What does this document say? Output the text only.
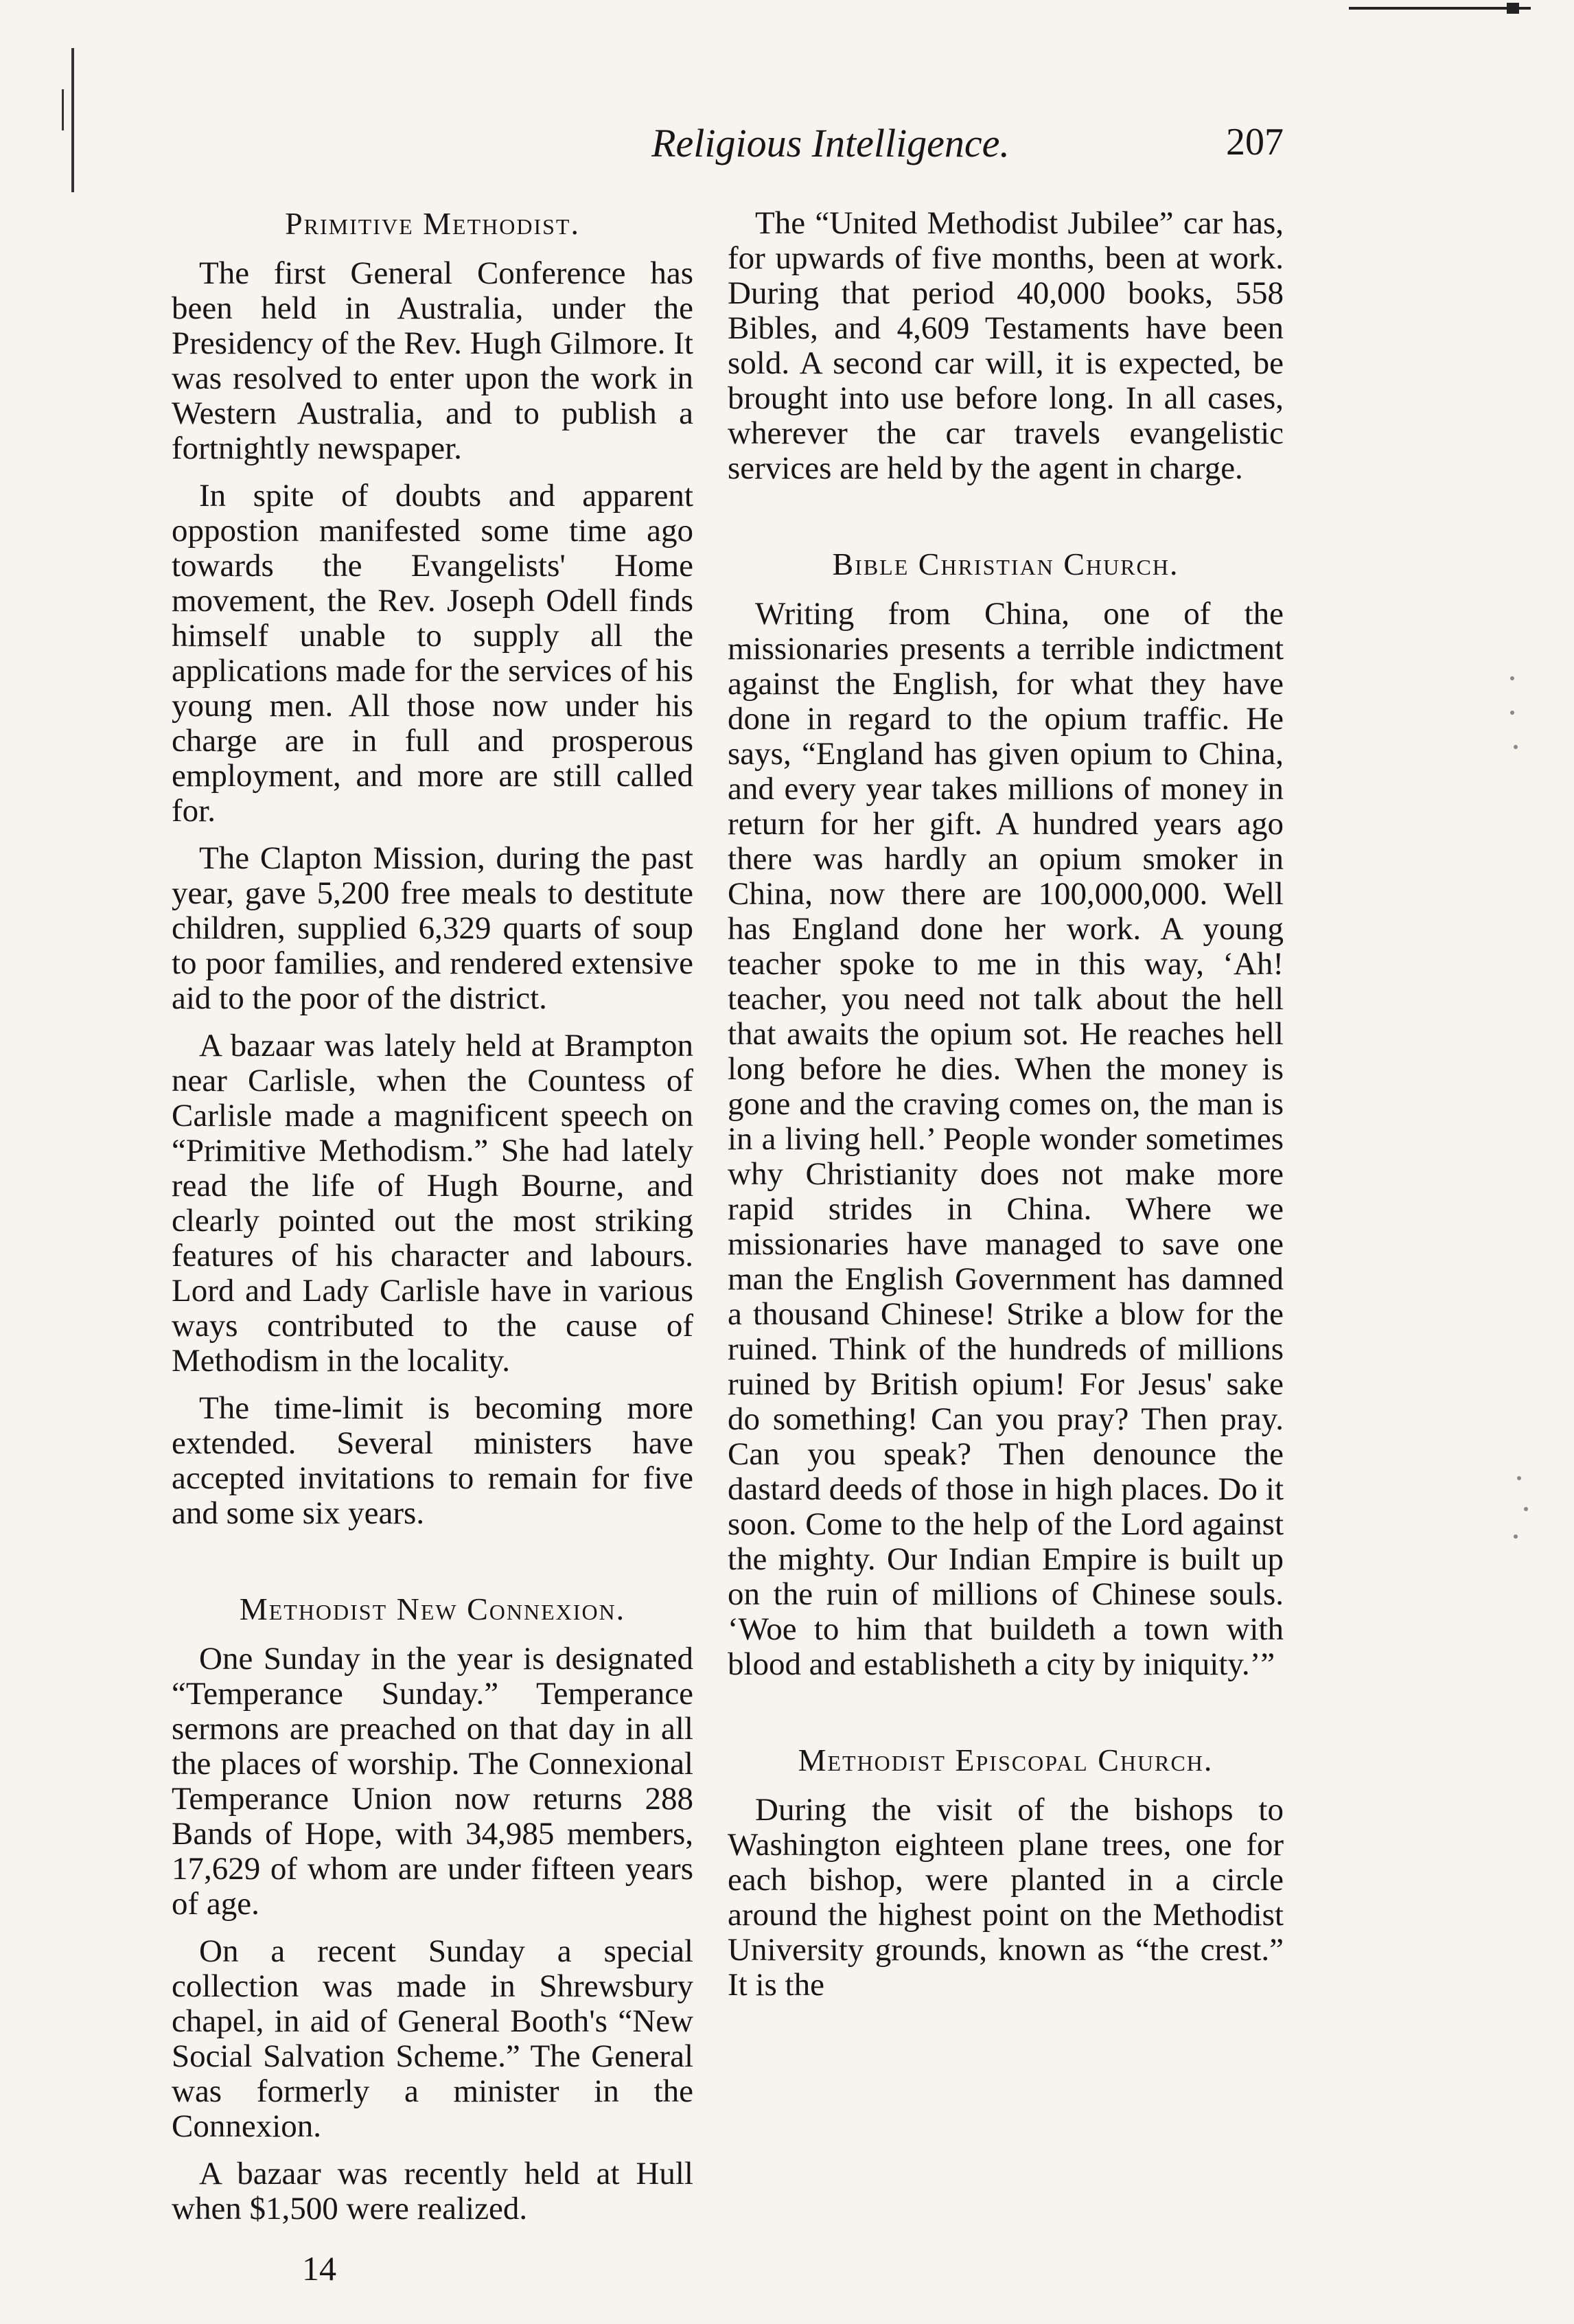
Religious Intelligence.	207
Primitive Methodist.

The first General Conference has been held in Australia, under the Presidency of the Rev. Hugh Gilmore. It was resolved to enter upon the work in Western Australia, and to publish a fortnightly newspaper.

In spite of doubts and apparent oppostion manifested some time ago towards the Evangelists' Home movement, the Rev. Joseph Odell finds himself unable to supply all the applications made for the services of his young men. All those now under his charge are in full and prosperous employment, and more are still called for.

The Clapton Mission, during the past year, gave 5,200 free meals to destitute children, supplied 6,329 quarts of soup to poor families, and rendered extensive aid to the poor of the district.

A bazaar was lately held at Brampton near Carlisle, when the Countess of Carlisle made a magnificent speech on “Primitive Methodism.” She had lately read the life of Hugh Bourne, and clearly pointed out the most striking features of his character and labours. Lord and Lady Carlisle have in various ways contributed to the cause of Methodism in the locality.

The time-limit is becoming more extended. Several ministers have accepted invitations to remain for five and some six years.

Methodist New Connexion.

One Sunday in the year is designated “Temperance Sunday.” Temperance sermons are preached on that day in all the places of worship. The Connexional Temperance Union now returns 288 Bands of Hope, with 34,985 members, 17,629 of whom are under fifteen years of age.

On a recent Sunday a special collection was made in Shrewsbury chapel, in aid of General Booth's “New Social Salvation Scheme.” The General was formerly a minister in the Connexion.

A bazaar was recently held at Hull when $1,500 were realized.

The “United Methodist Jubilee” car has, for upwards of five months, been at work. During that period 40,000 books, 558 Bibles, and 4,609 Testaments have been sold. A second car will, it is expected, be brought into use before long. In all cases, wherever the car travels evangelistic services are held by the agent in charge.

Bible Christian Church.

Writing from China, one of the missionaries presents a terrible indictment against the English, for what they have done in regard to the opium traffic. He says, “England has given opium to China, and every year takes millions of money in return for her gift. A hundred years ago there was hardly an opium smoker in China, now there are 100,000,000. Well has England done her work. A young teacher spoke to me in this way, ‘Ah! teacher, you need not talk about the hell that awaits the opium sot. He reaches hell long before he dies. When the money is gone and the craving comes on, the man is in a living hell.’ People wonder sometimes why Christianity does not make more rapid strides in China. Where we missionaries have managed to save one man the English Government has damned a thousand Chinese! Strike a blow for the ruined. Think of the hundreds of millions ruined by British opium! For Jesus' sake do something! Can you pray? Then pray. Can you speak? Then denounce the dastard deeds of those in high places. Do it soon. Come to the help of the Lord against the mighty. Our Indian Empire is built up on the ruin of millions of Chinese souls. ‘Woe to him that buildeth a town with blood and establisheth a city by iniquity.’”

Methodist Episcopal Church.

During the visit of the bishops to Washington eighteen plane trees, one for each bishop, were planted in a circle around the highest point on the Methodist University grounds, known as “the crest.” It is the

14
